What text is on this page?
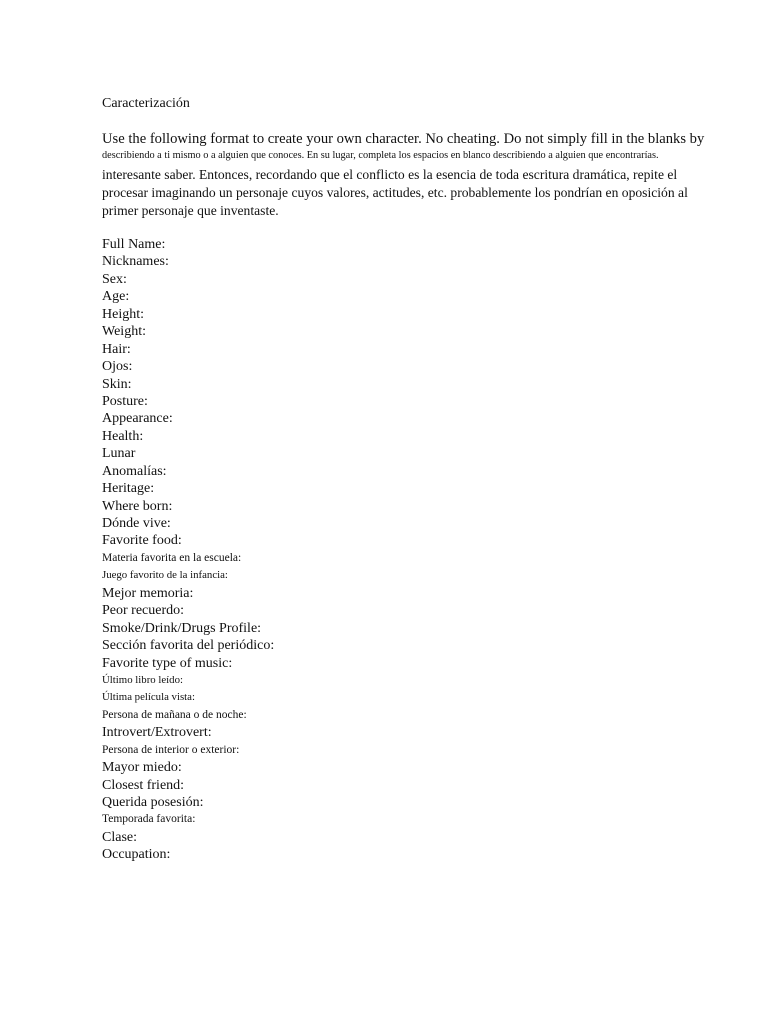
Caracterización
Use the following format to create your own character. No cheating. Do not simply fill in the blanks by
describiendo a ti mismo o a alguien que conoces. En su lugar, completa los espacios en blanco describiendo a alguien que encontrarías.
interesante saber. Entonces, recordando que el conflicto es la esencia de toda escritura dramática, repite el
procesar imaginando un personaje cuyos valores, actitudes, etc. probablemente los pondrían en oposición al
primer personaje que inventaste.
Full Name:
Nicknames:
Sex:
Age:
Height:
Weight:
Hair:
Ojos:
Skin:
Posture:
Appearance:
Health:
Lunar
Anomalías:
Heritage:
Where born:
Dónde vive:
Favorite food:
Materia favorita en la escuela:
Juego favorito de la infancia:
Mejor memoria:
Peor recuerdo:
Smoke/Drink/Drugs Profile:
Sección favorita del periódico:
Favorite type of music:
Último libro leído:
Última película vista:
Persona de mañana o de noche:
Introvert/Extrovert:
Persona de interior o exterior:
Mayor miedo:
Closest friend:
Querida posesión:
Temporada favorita:
Clase:
Occupation:
